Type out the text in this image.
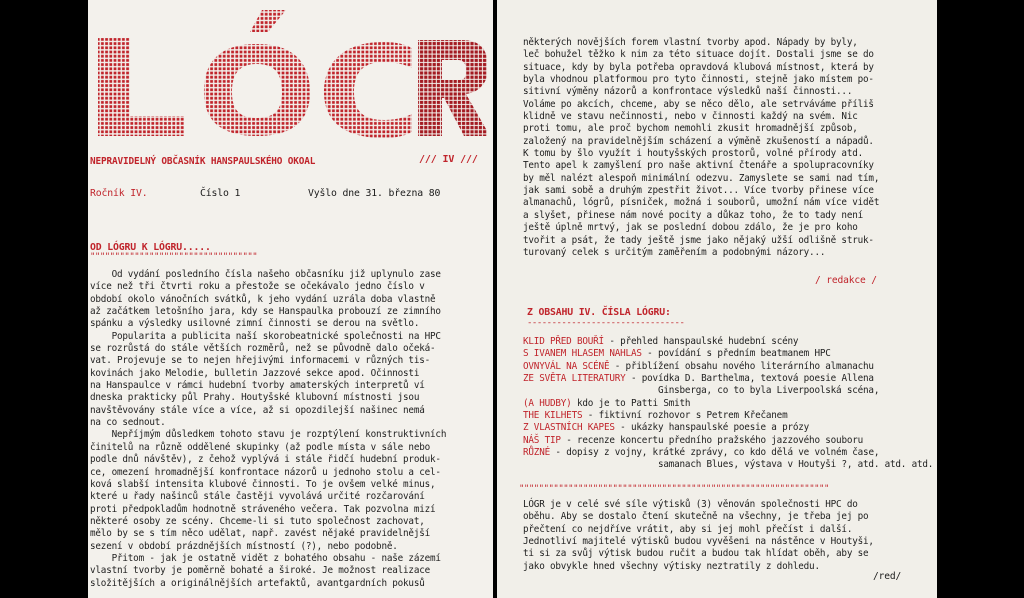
NEPRAVIDELNÝ OBČASNÍK HANSPAULSKÉHO OKOAL	/// IV ///
Ročník IV.	Číslo 1	Vyšlo dne 31. března 80
OD LÓGRU K LÓGRU.....
""""""""""""""""""""""""""""""""""
Od vydání posledního čísla našeho občasníku již uplynulo zase
více než tři čtvrti roku a přestože se očekávalo jedno číslo v
období okolo vánočních svátků, k jeho vydání uzrála doba vlastně
až začátkem letošního jara, kdy se Hanspaulka probouzí ze zimního
spánku a výsledky usilovné zimní činnosti se derou na světlo.
Popularita a publicita naší skorobeatnické společnosti na HPC
se rozrůstá do stále větších rozměrů, než se původně dalo očeká-
vat. Projevuje se to nejen hřejivými informacemi v různých tis-
kovinách jako Melodie, bulletin Jazzové sekce apod. Očinnosti
na Hanspaulce v rámci hudební tvorby amaterských interpretů ví
dneska prakticky půl Prahy. Houtyšské klubovní místnosti jsou
navštěvovány stále více a více, až si opozdilejší našinec nemá
na co sednout.
Nepříjmým důsledkem tohoto stavu je rozptýlení konstruktivních
činitelů na různě oddělené skupinky (až podle místa v sále nebo
podle dnů návštěv), z čehož vyplývá i stále řidčí hudební produk-
ce, omezení hromadnější konfrontace názorů u jednoho stolu a cel-
ková slabší intensita klubové činnosti. To je ovšem velké minus,
které u řady našinců stále častěji vyvolává určité rozčarování
proti předpokladům hodnotně stráveného večera. Tak pozvolna mizí
některé osoby ze scény. Chceme-li si tuto společnost zachovat,
mělo by se s tím něco udělat, např. zavést nějaké pravidelnější
sezení v období prázdnějších místností (?), nebo podobně.
Přitom - jak je ostatně vidět z bohatého obsahu - naše zázemí
vlastní tvorby je poměrně bohaté a široké. Je možnost realizace
složitějších a originálnějších artefaktů, avantgardních pokusů
některých novějších forem vlastní tvorby apod. Nápady by byly,
leč bohužel těžko k nim za této situace dojít. Dostali jsme se do
situace, kdy by byla potřeba opravdová klubová místnost, která by
byla vhodnou platformou pro tyto činnosti, stejně jako místem po-
sitivní výměny názorů a konfrontace výsledků naší činnosti...
Voláme po akcích, chceme, aby se něco dělo, ale setrváváme příliš
klidně ve stavu nečinnosti, nebo v činnosti každý na svém. Nic
proti tomu, ale proč bychom nemohli zkusit hromadnější způsob,
založený na pravidelnějším scházení a výměně zkušeností a nápadů.
K tomu by šlo využít i houtyšských prostorů, volné přírody atd.
Tento apel k zamyšlení pro naše aktivní čtenáře a spolupracovníky
by měl nalézt alespoň minimální odezvu. Zamyslete se sami nad tím,
jak sami sobě a druhým zpestřit život... Více tvorby přinese více
almanachů, lógrů, písniček, možná i souborů, umožní nám více vidět
a slyšet, přinese nám nové pocity a důkaz toho, že to tady není
ještě úplně mrtvý, jak se poslední dobou zdálo, že je pro koho
tvořit a psát, že tady ještě jsme jako nějaký užší odlišně struk-
turovaný celek s určitým zaměřením a podobnými názory...
/ redakce /
Z OBSAHU IV. ČÍSLA LÓGRU:
--------------------------------
KLID PŘED BOUŘÍ - přehled hanspaulské hudební scény
S IVANEM HLASEM NAHLAS - povídání s předním beatmanem HPC
OVNYVÁL NA SCÉNĚ - přiblížení obsahu nového literárního almanachu
ZE SVĚTA LITERATURY - povídka D. Barthelma, textová poesie Allena
Ginsberga, co to byla Liverpoolská scéna,
(A HUDBY) kdo je to Patti Smith
THE KILHETS - fiktivní rozhovor s Petrem Křečanem
Z VLASTNÍCH KAPES - ukázky hanspaulské poesie a prózy
NÁŠ TIP - recenze koncertu předního pražského jazzového souboru
RŮZNÉ - dopisy z vojny, krátké zprávy, co kdo dělá ve volném čase,
samanach Blues, výstava v Houtyši ?, atd. atd. atd.
"""""""""""""""""""""""""""""""""""""""""""""""""""""""""""""""
LÓGR je v celé své síle výtisků (3) věnován společnosti HPC do
oběhu. Aby se dostalo čtení skutečně na všechny, je třeba jej po
přečtení co nejdříve vrátit, aby si jej mohl přečíst i další.
Jednotliví majitelé výtisků budou vyvěšeni na nástěnce v Houtyši,
ti si za svůj výtisk budou ručit a budou tak hlídat oběh, aby se
jako obvykle hned všechny výtisky neztratily z dohledu.
/red/
